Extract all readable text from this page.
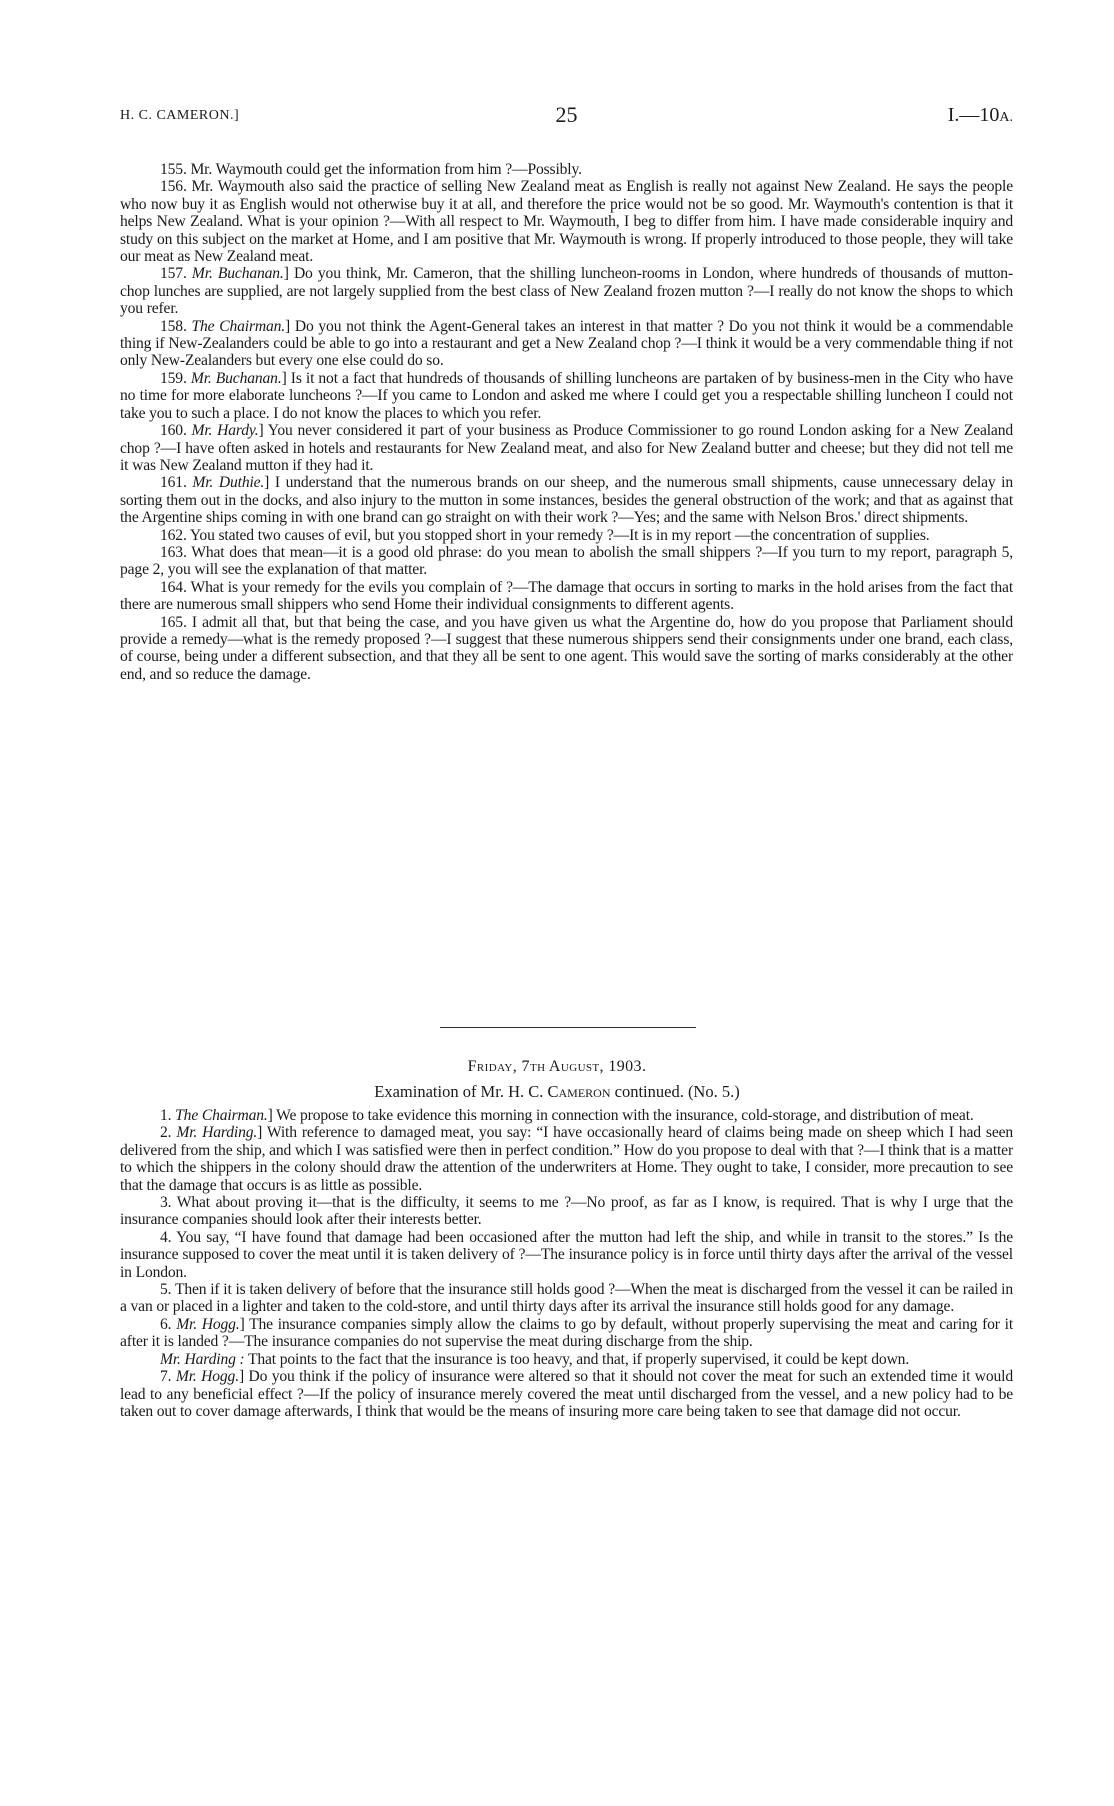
H. C. CAMERON.]	25	I.—10A.

155. Mr. Waymouth could get the information from him ?—Possibly.

156. Mr. Waymouth also said the practice of selling New Zealand meat as English is really not against New Zealand. He says the people who now buy it as English would not otherwise buy it at all, and therefore the price would not be so good. Mr. Waymouth's contention is that it helps New Zealand. What is your opinion ?—With all respect to Mr. Waymouth, I beg to differ from him. I have made considerable inquiry and study on this subject on the market at Home, and I am positive that Mr. Waymouth is wrong. If properly introduced to those people, they will take our meat as New Zealand meat.

157. Mr. Buchanan.] Do you think, Mr. Cameron, that the shilling luncheon-rooms in London, where hundreds of thousands of mutton-chop lunches are supplied, are not largely supplied from the best class of New Zealand frozen mutton ?—I really do not know the shops to which you refer.

158. The Chairman.] Do you not think the Agent-General takes an interest in that matter ? Do you not think it would be a commendable thing if New-Zealanders could be able to go into a restaurant and get a New Zealand chop ?—I think it would be a very commendable thing if not only New-Zealanders but every one else could do so.

159. Mr. Buchanan.] Is it not a fact that hundreds of thousands of shilling luncheons are partaken of by business-men in the City who have no time for more elaborate luncheons ?—If you came to London and asked me where I could get you a respectable shilling luncheon I could not take you to such a place. I do not know the places to which you refer.

160. Mr. Hardy.] You never considered it part of your business as Produce Commissioner to go round London asking for a New Zealand chop ?—I have often asked in hotels and restaurants for New Zealand meat, and also for New Zealand butter and cheese; but they did not tell me it was New Zealand mutton if they had it.

161. Mr. Duthie.] I understand that the numerous brands on our sheep, and the numerous small shipments, cause unnecessary delay in sorting them out in the docks, and also injury to the mutton in some instances, besides the general obstruction of the work; and that as against that the Argentine ships coming in with one brand can go straight on with their work ?—Yes; and the same with Nelson Bros.' direct shipments.

162. You stated two causes of evil, but you stopped short in your remedy ?—It is in my report —the concentration of supplies.

163. What does that mean—it is a good old phrase: do you mean to abolish the small shippers ?—If you turn to my report, paragraph 5, page 2, you will see the explanation of that matter.

164. What is your remedy for the evils you complain of ?—The damage that occurs in sorting to marks in the hold arises from the fact that there are numerous small shippers who send Home their individual consignments to different agents.

165. I admit all that, but that being the case, and you have given us what the Argentine do, how do you propose that Parliament should provide a remedy—what is the remedy proposed ?—I suggest that these numerous shippers send their consignments under one brand, each class, of course, being under a different subsection, and that they all be sent to one agent. This would save the sorting of marks considerably at the other end, and so reduce the damage.

Friday, 7th August, 1903.
Examination of Mr. H. C. Cameron continued. (No. 5.)

1. The Chairman.] We propose to take evidence this morning in connection with the insurance, cold-storage, and distribution of meat.

2. Mr. Harding.] With reference to damaged meat, you say: “I have occasionally heard of claims being made on sheep which I had seen delivered from the ship, and which I was satisfied were then in perfect condition.” How do you propose to deal with that ?—I think that is a matter to which the shippers in the colony should draw the attention of the underwriters at Home. They ought to take, I consider, more precaution to see that the damage that occurs is as little as possible.

3. What about proving it—that is the difficulty, it seems to me ?—No proof, as far as I know, is required. That is why I urge that the insurance companies should look after their interests better.

4. You say, “I have found that damage had been occasioned after the mutton had left the ship, and while in transit to the stores.” Is the insurance supposed to cover the meat until it is taken delivery of ?—The insurance policy is in force until thirty days after the arrival of the vessel in London.

5. Then if it is taken delivery of before that the insurance still holds good ?—When the meat is discharged from the vessel it can be railed in a van or placed in a lighter and taken to the cold-store, and until thirty days after its arrival the insurance still holds good for any damage.

6. Mr. Hogg.] The insurance companies simply allow the claims to go by default, without properly supervising the meat and caring for it after it is landed ?—The insurance companies do not supervise the meat during discharge from the ship.

Mr. Harding : That points to the fact that the insurance is too heavy, and that, if properly supervised, it could be kept down.

7. Mr. Hogg.] Do you think if the policy of insurance were altered so that it should not cover the meat for such an extended time it would lead to any beneficial effect ?—If the policy of insurance merely covered the meat until discharged from the vessel, and a new policy had to be taken out to cover damage afterwards, I think that would be the means of insuring more care being taken to see that damage did not occur.
